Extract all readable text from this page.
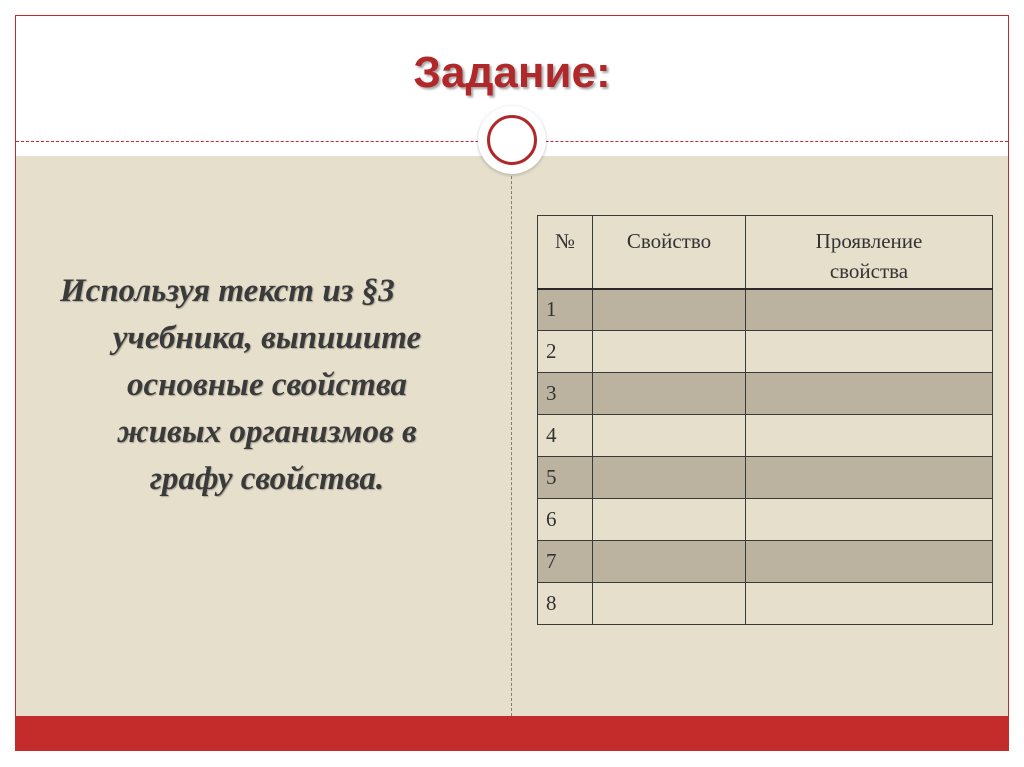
Задание:
Используя текст из §3
учебника, выпишите
основные свойства
живых организмов в
графу свойства.
№	Свойство	Проявление свойства
1		
2		
3		
4		
5		
6		
7		
8		
